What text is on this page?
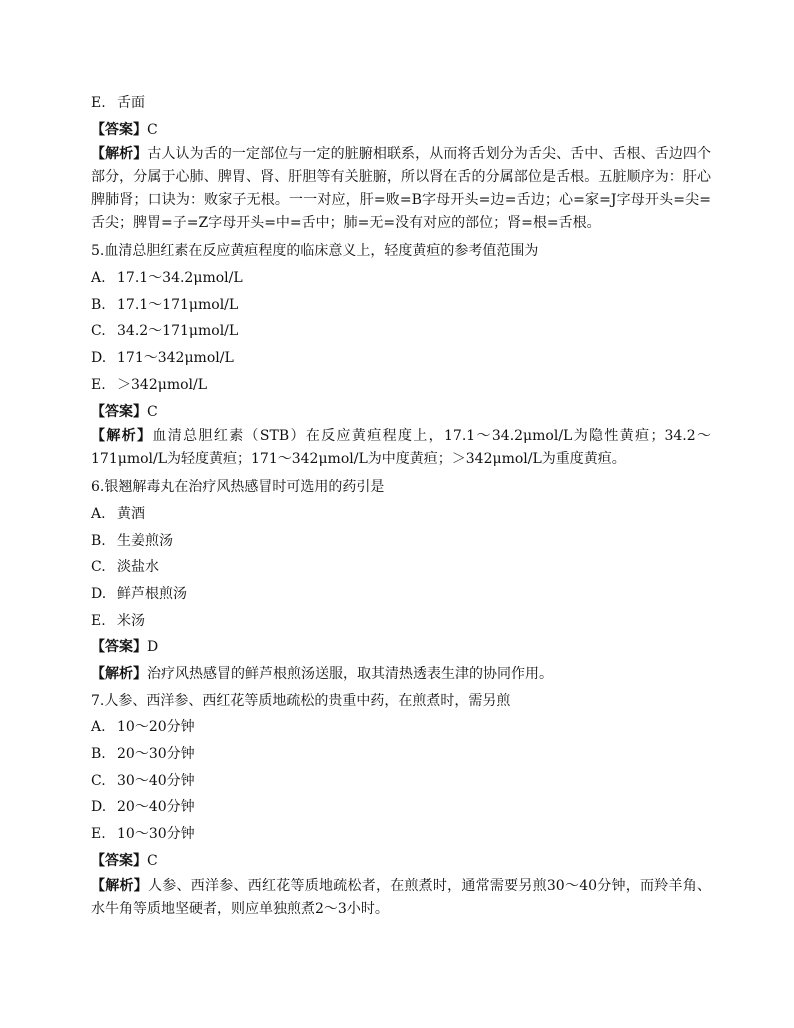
E. 舌面
【答案】C
【解析】古人认为舌的一定部位与一定的脏腑相联系，从而将舌划分为舌尖、舌中、舌根、舌边四个部分，分属于心肺、脾胃、肾、肝胆等有关脏腑，所以肾在舌的分属部位是舌根。五脏顺序为：肝心脾肺肾；口诀为：败家子无根。一一对应，肝=败=B字母开头=边=舌边；心=家=J字母开头=尖=舌尖；脾胃=子=Z字母开头=中=舌中；肺=无=没有对应的部位；肾=根=舌根。
5.血清总胆红素在反应黄疸程度的临床意义上，轻度黄疸的参考值范围为
A. 17.1～34.2μmol/L
B. 17.1～171μmol/L
C. 34.2～171μmol/L
D. 171～342μmol/L
E. ＞342μmol/L
【答案】C
【解析】血清总胆红素（STB）在反应黄疸程度上，17.1～34.2μmol/L为隐性黄疸；34.2～171μmol/L为轻度黄疸；171～342μmol/L为中度黄疸；＞342μmol/L为重度黄疸。
6.银翘解毒丸在治疗风热感冒时可选用的药引是
A. 黄酒
B. 生姜煎汤
C. 淡盐水
D. 鲜芦根煎汤
E. 米汤
【答案】D
【解析】治疗风热感冒的鲜芦根煎汤送服，取其清热透表生津的协同作用。
7.人参、西洋参、西红花等质地疏松的贵重中药，在煎煮时，需另煎
A. 10～20分钟
B. 20～30分钟
C. 30～40分钟
D. 20～40分钟
E. 10～30分钟
【答案】C
【解析】人参、西洋参、西红花等质地疏松者，在煎煮时，通常需要另煎30～40分钟，而羚羊角、水牛角等质地坚硬者，则应单独煎煮2～3小时。
